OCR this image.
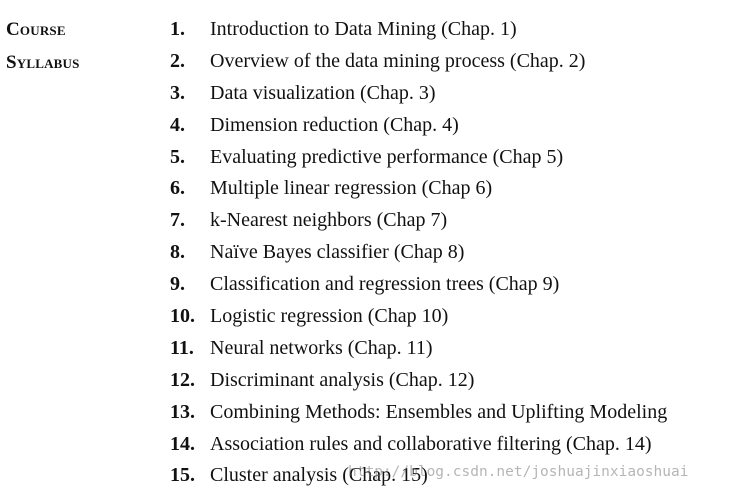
Course
Syllabus
1. Introduction to Data Mining (Chap. 1)
2. Overview of the data mining process (Chap. 2)
3. Data visualization (Chap. 3)
4. Dimension reduction (Chap. 4)
5. Evaluating predictive performance (Chap 5)
6. Multiple linear regression (Chap 6)
7. k-Nearest neighbors (Chap 7)
8. Naïve Bayes classifier (Chap 8)
9. Classification and regression trees (Chap 9)
10. Logistic regression (Chap 10)
11. Neural networks (Chap. 11)
12. Discriminant analysis (Chap. 12)
13. Combining Methods: Ensembles and Uplifting Modeling
14. Association rules and collaborative filtering (Chap. 14)
15. Cluster analysis (Chap. 15)
http://blog.csdn.net/joshuajinxiaoshuai
